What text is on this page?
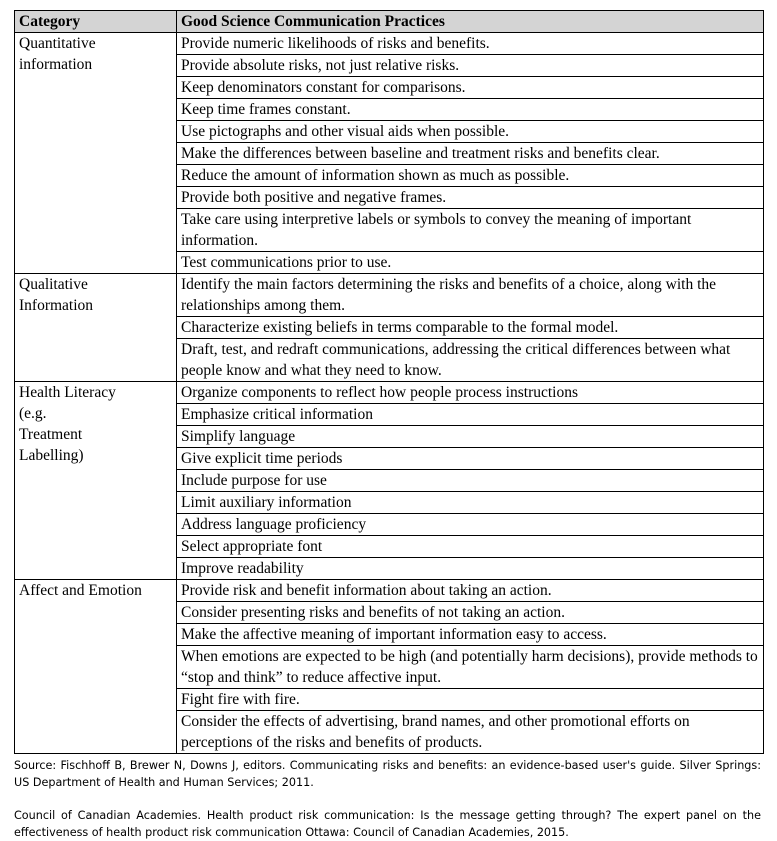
Category	Good Science Communication Practices
Quantitative
information	Provide numeric likelihoods of risks and benefits.
	Provide absolute risks, not just relative risks.
	Keep denominators constant for comparisons.
	Keep time frames constant.
	Use pictographs and other visual aids when possible.
	Make the differences between baseline and treatment risks and benefits clear.
	Reduce the amount of information shown as much as possible.
	Provide both positive and negative frames.
	Take care using interpretive labels or symbols to convey the meaning of important information.
	Test communications prior to use.
Qualitative
Information	Identify the main factors determining the risks and benefits of a choice, along with the relationships among them.
	Characterize existing beliefs in terms comparable to the formal model.
	Draft, test, and redraft communications, addressing the critical differences between what people know and what they need to know.
Health Literacy
(e.g.
Treatment
Labelling)	Organize components to reflect how people process instructions
	Emphasize critical information
	Simplify language
	Give explicit time periods
	Include purpose for use
	Limit auxiliary information
	Address language proficiency
	Select appropriate font
	Improve readability
Affect and Emotion	Provide risk and benefit information about taking an action.
	Consider presenting risks and benefits of not taking an action.
	Make the affective meaning of important information easy to access.
	When emotions are expected to be high (and potentially harm decisions), provide methods to “stop and think” to reduce affective input.
	Fight fire with fire.
	Consider the effects of advertising, brand names, and other promotional efforts on perceptions of the risks and benefits of products.

Source: Fischhoff B, Brewer N, Downs J, editors. Communicating risks and benefits: an evidence-based user's guide. Silver Springs: US Department of Health and Human Services; 2011.

Council of Canadian Academies. Health product risk communication: Is the message getting through? The expert panel on the effectiveness of health product risk communication Ottawa: Council of Canadian Academies, 2015.
